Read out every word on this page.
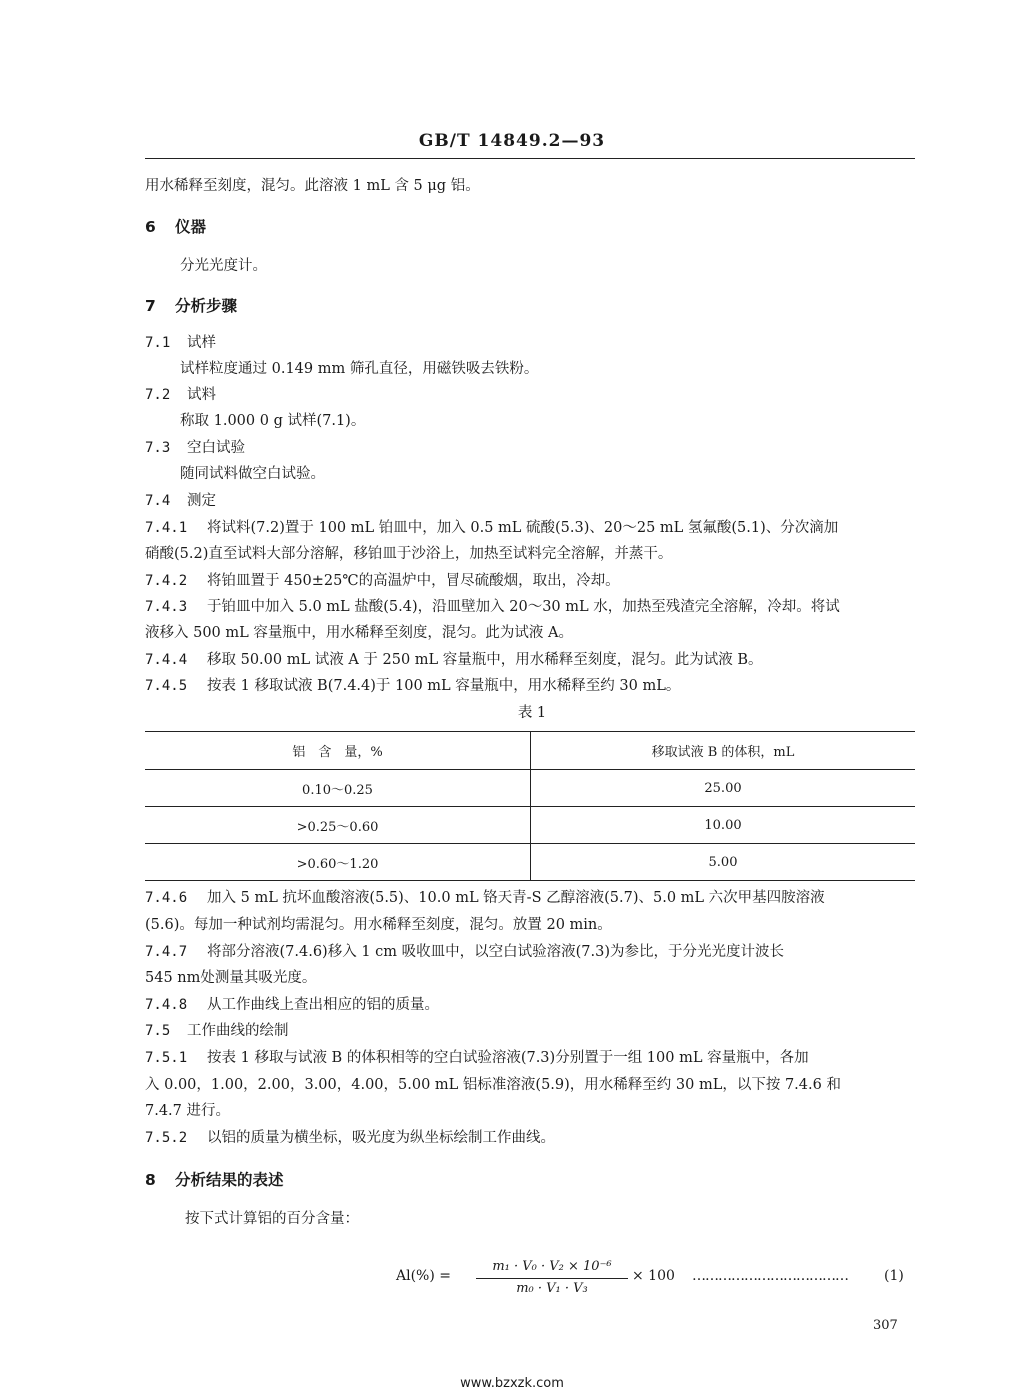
GB/T 14849.2—93
用水稀释至刻度，混匀。此溶液 1 mL 含 5 μg 铝。
6 仪器
分光光度计。
7 分析步骤
7.1 试样
试样粒度通过 0.149 mm 筛孔直径，用磁铁吸去铁粉。
7.2 试料
称取 1.000 0 g 试样(7.1)。
7.3 空白试验
随同试料做空白试验。
7.4 测定
7.4.1 将试料(7.2)置于 100 mL 铂皿中，加入 0.5 mL 硫酸(5.3)、20～25 mL 氢氟酸(5.1)、分次滴加
硝酸(5.2)直至试料大部分溶解，移铂皿于沙浴上，加热至试料完全溶解，并蒸干。
7.4.2 将铂皿置于 450±25℃的高温炉中，冒尽硫酸烟，取出，冷却。
7.4.3 于铂皿中加入 5.0 mL 盐酸(5.4)，沿皿壁加入 20～30 mL 水，加热至残渣完全溶解，冷却。将试
液移入 500 mL 容量瓶中，用水稀释至刻度，混匀。此为试液 A。
7.4.4 移取 50.00 mL 试液 A 于 250 mL 容量瓶中，用水稀释至刻度，混匀。此为试液 B。
7.4.5 按表 1 移取试液 B(7.4.4)于 100 mL 容量瓶中，用水稀释至约 30 mL。
表 1
铝　含　量，%	移取试液 B 的体积，mL
0.10～0.25	25.00
>0.25～0.60	10.00
>0.60～1.20	5.00
7.4.6 加入 5 mL 抗坏血酸溶液(5.5)、10.0 mL 铬天青-S 乙醇溶液(5.7)、5.0 mL 六次甲基四胺溶液
(5.6)。每加一种试剂均需混匀。用水稀释至刻度，混匀。放置 20 min。
7.4.7 将部分溶液(7.4.6)移入 1 cm 吸收皿中，以空白试验溶液(7.3)为参比，于分光光度计波长
545 nm处测量其吸光度。
7.4.8 从工作曲线上查出相应的铝的质量。
7.5 工作曲线的绘制
7.5.1 按表 1 移取与试液 B 的体积相等的空白试验溶液(7.3)分别置于一组 100 mL 容量瓶中，各加
入 0.00，1.00，2.00，3.00，4.00，5.00 mL 铝标准溶液(5.9)，用水稀释至约 30 mL，以下按 7.4.6 和
7.4.7 进行。
7.5.2 以铝的质量为横坐标，吸光度为纵坐标绘制工作曲线。
8 分析结果的表述
按下式计算铝的百分含量：
Al(%) =
m₁ · V₀ · V₂ × 10⁻⁶
m₀ · V₁ · V₃
× 100 ………………………………	(1)
307
www.bzxzk.com
